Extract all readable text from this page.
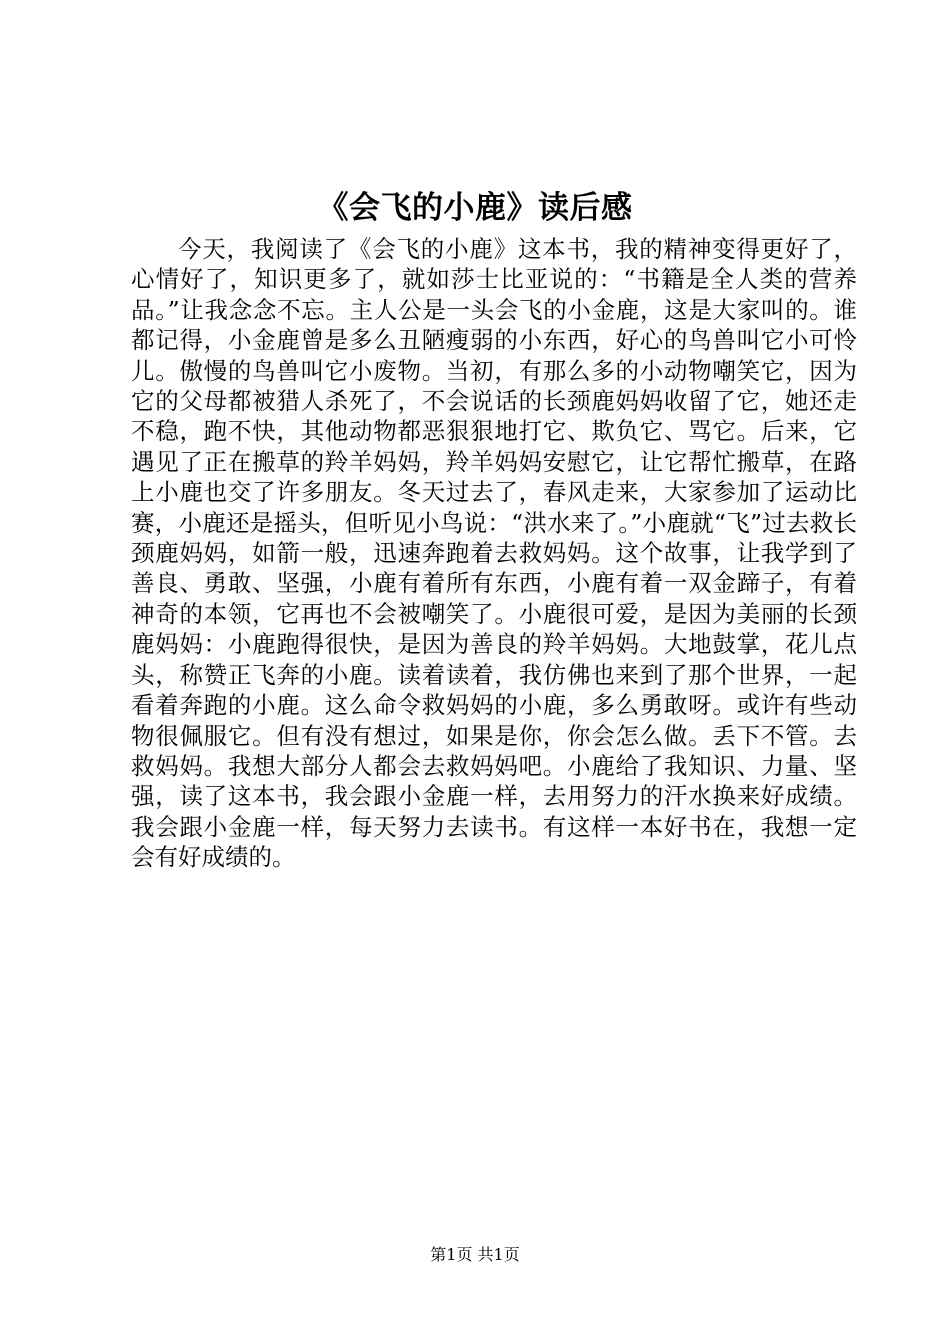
《会飞的小鹿》读后感

今天，我阅读了《会飞的小鹿》这本书，我的精神变得更好了，心情好了，知识更多了，就如莎士比亚说的：“书籍是全人类的营养品。”让我念念不忘。主人公是一头会飞的小金鹿，这是大家叫的。谁都记得，小金鹿曾是多么丑陋瘦弱的小东西，好心的鸟兽叫它小可怜儿。傲慢的鸟兽叫它小废物。当初，有那么多的小动物嘲笑它，因为它的父母都被猎人杀死了，不会说话的长颈鹿妈妈收留了它，她还走不稳，跑不快，其他动物都恶狠狠地打它、欺负它、骂它。后来，它遇见了正在搬草的羚羊妈妈，羚羊妈妈安慰它，让它帮忙搬草，在路上小鹿也交了许多朋友。冬天过去了，春风走来，大家参加了运动比赛，小鹿还是摇头，但听见小鸟说：“洪水来了。”小鹿就“飞”过去救长颈鹿妈妈，如箭一般，迅速奔跑着去救妈妈。这个故事，让我学到了善良、勇敢、坚强，小鹿有着所有东西，小鹿有着一双金蹄子，有着神奇的本领，它再也不会被嘲笑了。小鹿很可爱，是因为美丽的长颈鹿妈妈：小鹿跑得很快，是因为善良的羚羊妈妈。大地鼓掌，花儿点头，称赞正飞奔的小鹿。读着读着，我仿佛也来到了那个世界，一起看着奔跑的小鹿。这么命令救妈妈的小鹿，多么勇敢呀。或许有些动物很佩服它。但有没有想过，如果是你，你会怎么做。丢下不管。去救妈妈。我想大部分人都会去救妈妈吧。小鹿给了我知识、力量、坚强，读了这本书，我会跟小金鹿一样，去用努力的汗水换来好成绩。我会跟小金鹿一样，每天努力去读书。有这样一本好书在，我想一定会有好成绩的。

第1页 共1页
